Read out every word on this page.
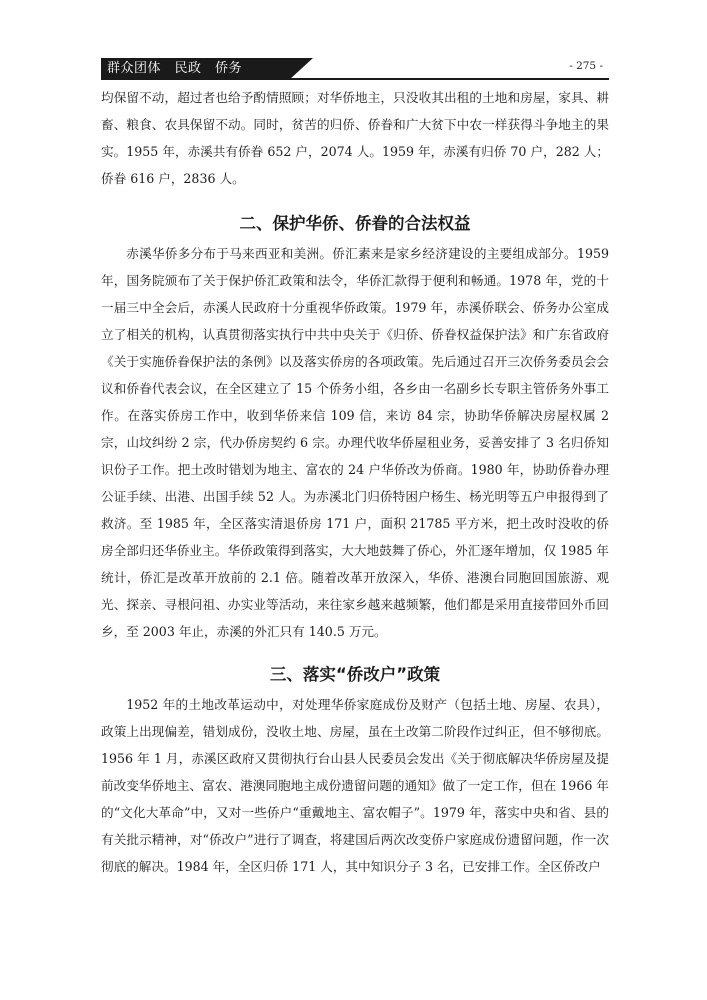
群众团体　民政　侨务	- 275 -

均保留不动，超过者也给予酌情照顾；对华侨地主，只没收其出租的土地和房屋，家具、耕畜、粮食、农具保留不动。同时，贫苦的归侨、侨眷和广大贫下中农一样获得斗争地主的果实。1955 年，赤溪共有侨眷 652 户，2074 人。1959 年，赤溪有归侨 70 户，282 人；侨眷 616 户，2836 人。

二、保护华侨、侨眷的合法权益

赤溪华侨多分布于马来西亚和美洲。侨汇素来是家乡经济建设的主要组成部分。1959 年，国务院颁布了关于保护侨汇政策和法令，华侨汇款得于便利和畅通。1978 年，党的十一届三中全会后，赤溪人民政府十分重视华侨政策。1979 年，赤溪侨联会、侨务办公室成立了相关的机构，认真贯彻落实执行中共中央关于《归侨、侨眷权益保护法》和广东省政府《关于实施侨眷保护法的条例》以及落实侨房的各项政策。先后通过召开三次侨务委员会会议和侨眷代表会议，在全区建立了 15 个侨务小组，各乡由一名副乡长专职主管侨务外事工作。在落实侨房工作中，收到华侨来信 109 信，来访 84 宗，协助华侨解决房屋权属 2 宗，山坟纠纷 2 宗，代办侨房契约 6 宗。办理代收华侨屋租业务，妥善安排了 3 名归侨知识份子工作。把土改时错划为地主、富农的 24 户华侨改为侨商。1980 年，协助侨眷办理公证手续、出港、出国手续 52 人。为赤溪北门归侨特困户杨生、杨光明等五户申报得到了救济。至 1985 年，全区落实清退侨房 171 户，面积 21785 平方米，把土改时没收的侨房全部归还华侨业主。华侨政策得到落实，大大地鼓舞了侨心，外汇逐年增加，仅 1985 年统计，侨汇是改革开放前的 2.1 倍。随着改革开放深入，华侨、港澳台同胞回国旅游、观光、探亲、寻根问祖、办实业等活动，来往家乡越来越频繁，他们都是采用直接带回外币回乡，至 2003 年止，赤溪的外汇只有 140.5 万元。

三、落实“侨改户”政策

1952 年的土地改革运动中，对处理华侨家庭成份及财产（包括土地、房屋、农具），政策上出现偏差，错划成份，没收土地、房屋，虽在土改第二阶段作过纠正，但不够彻底。1956 年 1 月，赤溪区政府又贯彻执行台山县人民委员会发出《关于彻底解决华侨房屋及提前改变华侨地主、富农、港澳同胞地主成份遗留问题的通知》做了一定工作，但在 1966 年的“文化大革命”中，又对一些侨户“重戴地主、富农帽子”。1979 年，落实中央和省、县的有关批示精神，对“侨改户”进行了调查，将建国后两次改变侨户家庭成份遗留问题，作一次彻底的解决。1984 年，全区归侨 171 人，其中知识分子 3 名，已安排工作。全区侨改户
